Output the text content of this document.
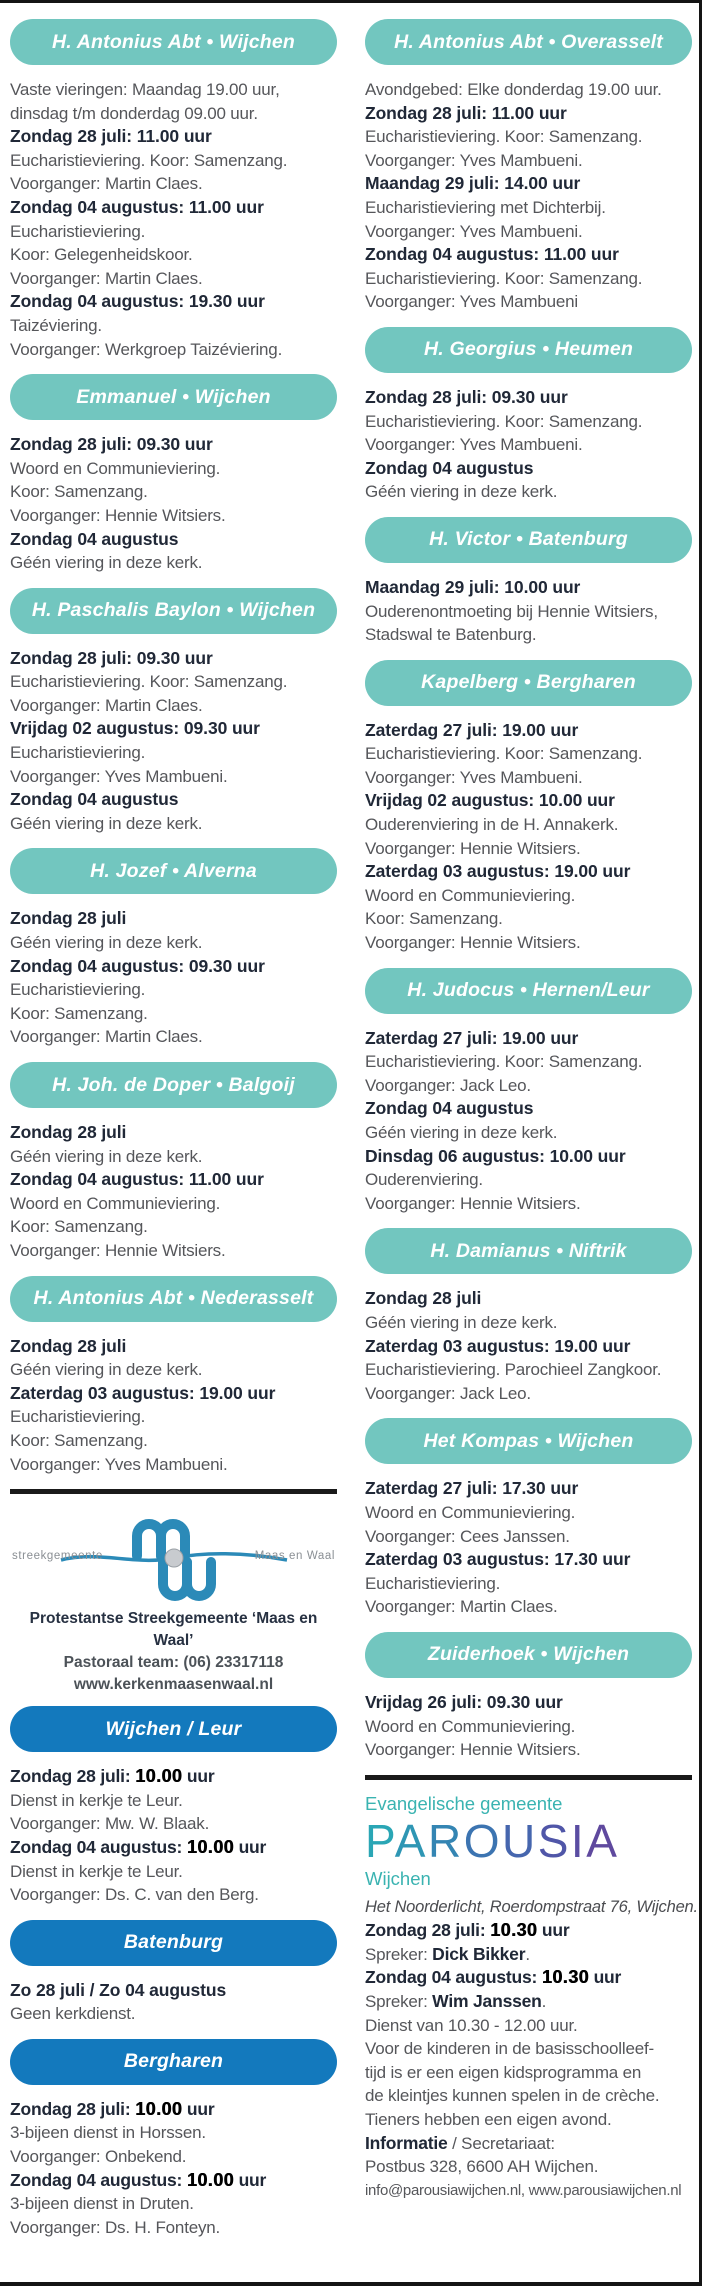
H. Antonius Abt • Wijchen
Vaste vieringen: Maandag 19.00 uur,
dinsdag t/m donderdag 09.00 uur.
Zondag 28 juli: 11.00 uur
Eucharistieviering. Koor: Samenzang.
Voorganger: Martin Claes.
Zondag 04 augustus: 11.00 uur
Eucharistieviering.
Koor: Gelegenheidskoor.
Voorganger: Martin Claes.
Zondag 04 augustus: 19.30 uur
Taizéviering.
Voorganger: Werkgroep Taizéviering.
Emmanuel • Wijchen
Zondag 28 juli: 09.30 uur
Woord en Communieviering.
Koor: Samenzang.
Voorganger: Hennie Witsiers.
Zondag 04 augustus
Géén viering in deze kerk.
H. Paschalis Baylon • Wijchen
Zondag 28 juli: 09.30 uur
Eucharistieviering. Koor: Samenzang.
Voorganger: Martin Claes.
Vrijdag 02 augustus: 09.30 uur
Eucharistieviering.
Voorganger: Yves Mambueni.
Zondag 04 augustus
Géén viering in deze kerk.
H. Jozef • Alverna
Zondag 28 juli
Géén viering in deze kerk.
Zondag 04 augustus: 09.30 uur
Eucharistieviering.
Koor: Samenzang.
Voorganger: Martin Claes.
H. Joh. de Doper • Balgoij
Zondag 28 juli
Géén viering in deze kerk.
Zondag 04 augustus: 11.00 uur
Woord en Communieviering.
Koor: Samenzang.
Voorganger: Hennie Witsiers.
H. Antonius Abt • Nederasselt
Zondag 28 juli
Géén viering in deze kerk.
Zaterdag 03 augustus: 19.00 uur
Eucharistieviering.
Koor: Samenzang.
Voorganger: Yves Mambueni.
streekgemeente	Maas en Waal
Protestantse Streekgemeente ‘Maas en Waal’
Pastoraal team: (06) 23317118
www.kerkenmaasenwaal.nl
Wijchen / Leur
Zondag 28 juli: 10.00 uur
Dienst in kerkje te Leur.
Voorganger: Mw. W. Blaak.
Zondag 04 augustus: 10.00 uur
Dienst in kerkje te Leur.
Voorganger: Ds. C. van den Berg.
Batenburg
Zo 28 juli / Zo 04 augustus
Geen kerkdienst.
Bergharen
Zondag 28 juli: 10.00 uur
3-bijeen dienst in Horssen.
Voorganger: Onbekend.
Zondag 04 augustus: 10.00 uur
3-bijeen dienst in Druten.
Voorganger: Ds. H. Fonteyn.
H. Antonius Abt • Overasselt
Avondgebed: Elke donderdag 19.00 uur.
Zondag 28 juli: 11.00 uur
Eucharistieviering. Koor: Samenzang.
Voorganger: Yves Mambueni.
Maandag 29 juli: 14.00 uur
Eucharistieviering met Dichterbij.
Voorganger: Yves Mambueni.
Zondag 04 augustus: 11.00 uur
Eucharistieviering. Koor: Samenzang.
Voorganger: Yves Mambueni
H. Georgius • Heumen
Zondag 28 juli: 09.30 uur
Eucharistieviering. Koor: Samenzang.
Voorganger: Yves Mambueni.
Zondag 04 augustus
Géén viering in deze kerk.
H. Victor • Batenburg
Maandag 29 juli: 10.00 uur
Ouderenontmoeting bij Hennie Witsiers,
Stadswal te Batenburg.
Kapelberg • Bergharen
Zaterdag 27 juli: 19.00 uur
Eucharistieviering. Koor: Samenzang.
Voorganger: Yves Mambueni.
Vrijdag 02 augustus: 10.00 uur
Ouderenviering in de H. Annakerk.
Voorganger: Hennie Witsiers.
Zaterdag 03 augustus: 19.00 uur
Woord en Communieviering.
Koor: Samenzang.
Voorganger: Hennie Witsiers.
H. Judocus • Hernen/Leur
Zaterdag 27 juli: 19.00 uur
Eucharistieviering. Koor: Samenzang.
Voorganger: Jack Leo.
Zondag 04 augustus
Géén viering in deze kerk.
Dinsdag 06 augustus: 10.00 uur
Ouderenviering.
Voorganger: Hennie Witsiers.
H. Damianus • Niftrik
Zondag 28 juli
Géén viering in deze kerk.
Zaterdag 03 augustus: 19.00 uur
Eucharistieviering. Parochieel Zangkoor.
Voorganger: Jack Leo.
Het Kompas • Wijchen
Zaterdag 27 juli: 17.30 uur
Woord en Communieviering.
Voorganger: Cees Janssen.
Zaterdag 03 augustus: 17.30 uur
Eucharistieviering.
Voorganger: Martin Claes.
Zuiderhoek • Wijchen
Vrijdag 26 juli: 09.30 uur
Woord en Communieviering.
Voorganger: Hennie Witsiers.
Evangelische gemeente
PAROUSIA
Wijchen
Het Noorderlicht, Roerdompstraat 76, Wijchen.
Zondag 28 juli: 10.30 uur
Spreker: Dick Bikker.
Zondag 04 augustus: 10.30 uur
Spreker: Wim Janssen.
Dienst van 10.30 - 12.00 uur.
Voor de kinderen in de basisschoolleef-
tijd is er een eigen kidsprogramma en
de kleintjes kunnen spelen in de crèche.
Tieners hebben een eigen avond.
Informatie / Secretariaat:
Postbus 328, 6600 AH Wijchen.
info@parousiawijchen.nl, www.parousiawijchen.nl
